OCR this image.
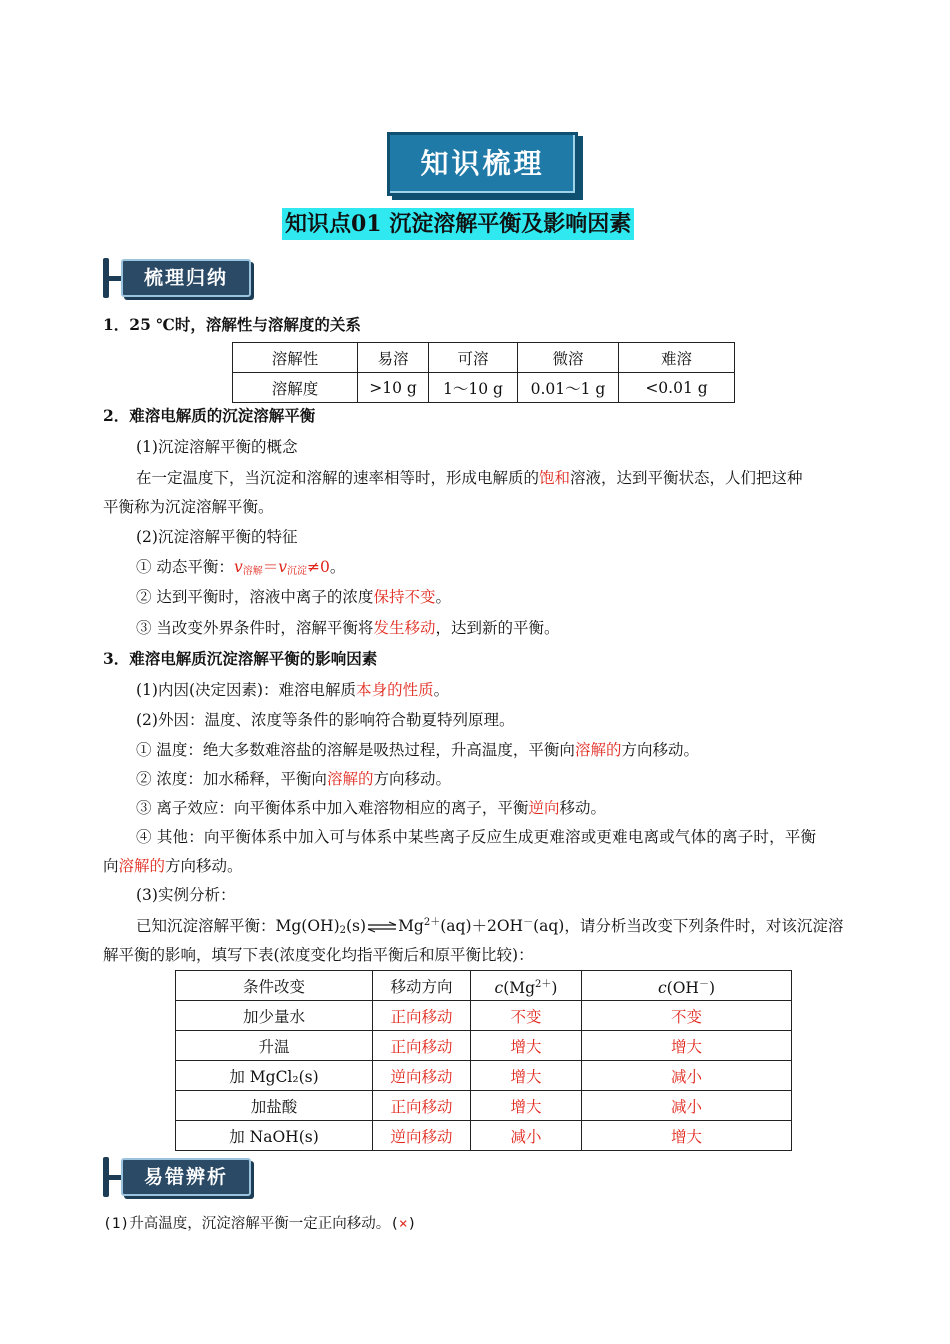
知识梳理
知识点01 沉淀溶解平衡及影响因素
梳理归纳
1．25 ℃时，溶解性与溶解度的关系
溶解性	易溶	可溶	微溶	难溶
溶解度	>10 g	1～10 g	0.01～1 g	<0.01 g
2．难溶电解质的沉淀溶解平衡
(1)沉淀溶解平衡的概念
在一定温度下，当沉淀和溶解的速率相等时，形成电解质的饱和溶液，达到平衡状态，人们把这种
平衡称为沉淀溶解平衡。
(2)沉淀溶解平衡的特征
① 动态平衡：$v_{溶解}=v_{沉淀}\ne 0$。
② 达到平衡时，溶液中离子的浓度保持不变。
③ 当改变外界条件时，溶解平衡将发生移动，达到新的平衡。
3．难溶电解质沉淀溶解平衡的影响因素
(1)内因(决定因素)：难溶电解质本身的性质。
(2)外因：温度、浓度等条件的影响符合勒夏特列原理。
① 温度：绝大多数难溶盐的溶解是吸热过程，升高温度，平衡向溶解的方向移动。
② 浓度：加水稀释，平衡向溶解的方向移动。
③ 离子效应：向平衡体系中加入难溶物相应的离子，平衡逆向移动。
④ 其他：向平衡体系中加入可与体系中某些离子反应生成更难溶或更难电离或气体的离子时，平衡
向溶解的方向移动。
(3)实例分析：
已知沉淀溶解平衡：$Mg(OH)_2(s)\rightleftharpoons Mg^{2+}(aq)+2OH^-(aq)$，请分析当改变下列条件时，对该沉淀溶
解平衡的影响，填写下表(浓度变化均指平衡后和原平衡比较)：
条件改变	移动方向	$c(Mg^{2+})$	c(OH－)
加少量水	正向移动	不变	不变
升温	正向移动	增大	增大
加 MgCl₂(s)	逆向移动	增大	减小
加盐酸	正向移动	增大	减小
加 NaOH(s)	逆向移动	减小	增大
易错辨析
(1)升高温度，沉淀溶解平衡一定正向移动。(×)
